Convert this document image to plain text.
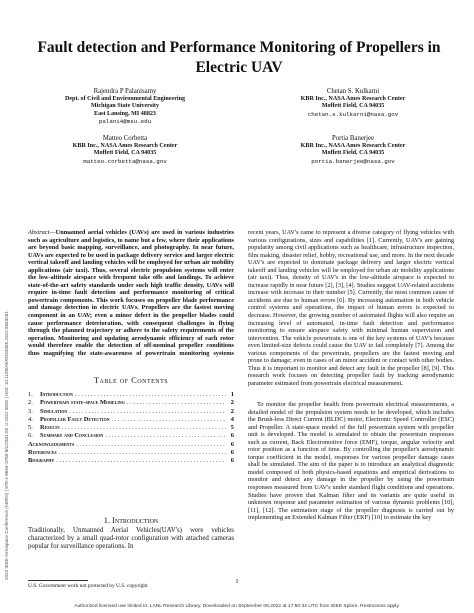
2022 IEEE Aerospace Conference (AERO) | 978-1-6654-3760-8/22/$31.00 ©2022 IEEE | DOI: 10.1109/AERO53065.2022.9843261
Fault detection and Performance Monitoring of Propellers in Electric UAV
Rajendra P Palanisamy
Dept. of Civil and Environmental Engineering
Michigan State University
East Lansing, MI 48823
palani4@msu.edu
Chetan S. Kulkarni
KBR Inc., NASA Ames Research Center
Moffett Field, CA 94035
chetan.s.kulkarni@nasa.gov
Matteo Corbetta
KBR Inc., NASA Ames Research Center
Moffett Field, CA 94035
matteo.corbetta@nasa.gov
Portia Banerjee
KBR Inc., NASA Ames Research Center
Moffett Field, CA 94035
portia.banerjee@nasa.gov
Abstract—Unmanned aerial vehicles (UAVs) are used in various industries such as agriculture and logistics, to name but a few, where their applications are beyond basic mapping, surveillance, and photography. In near future, UAVs are expected to be used in package delivery service and larger electric vertical takeoff and landing vehicles will be employed for urban air mobility applications (air taxi). Thus, several electric propulsion systems will enter the low-altitude airspace with frequent take offs and landings. To achieve state-of-the-art safety standards under such high traffic density, UAVs will require in-time fault detection and performance monitoring of critical powertrain components. This work focuses on propeller blade performance and damage detection in electric UAVs. Propellers are the fastest moving component in an UAV; even a minor defect in the propeller blades could cause performance deterioration, with consequent challenges in flying through the planned trajectory or adhere to the safety requirements of the operation. Monitoring and updating aerodynamic efficiency of each rotor would therefore enable the detection of off-nominal propeller conditions thus magnifying the state-awareness of powertrain monitoring systems
Table of Contents
1.	Introduction . . .	1
2.	Powertrain state-space Modeling . . .	2
3.	Simulation . . .	2
4.	Propeller Fault Detection . . .	4
5.	Results . . .	5
6.	Summary and Conclusion . . .	6
Acknowledgments . . .	6
References . . .	6
Biography . . .	6
1. Introduction
Traditionally, Unmanned Aerial Vehicles(UAV's) were vehicles characterized by a small quad-rotor configuration with attached cameras popular for surveillance operations. In
U.S. Government work not protected by U.S. copyright
recent years, UAV's came to represent a diverse category of flying vehicles with various configurations, sizes and capabilities [1]. Currently, UAV's are gaining popularity among civil applications such as healthcare, infrastructure inspection, film making, disaster relief, hobby, recreational use, and more. In the next decade UAV's are expected to dominate package delivery and larger electric vertical takeoff and landing vehicles will be employed for urban air mobility applications (air taxi). Thus, density of UAV's in the low-altitude airspace is expected to increase rapidly in near future [2], [3], [4]. Studies suggest UAV-related accidents increase with increase in their number [5]. Currently, the most common cause of accidents are due to human errors [6]. By increasing automation in both vehicle control systems and operations, the impact of human errors is expected to decrease. However, the growing number of automated flights will also require an increasing level of automated, in-time fault detection and performance monitoring to ensure airspace safety with minimal human supervision and intervention. The vehicle powertrain is one of the key systems of UAV's because even limited-size defects could cause the UAV to fail completely [7]. Among the various components of the powertrain, propellers are the fastest moving and prone to damage; even in cases of an minor accident or contact with other bodies. Thus it is important to monitor and detect any fault in the propeller [8], [9]. This research work focuses on detecting propeller fault by tracking aerodynamic parameter estimated from powertrain electrical measurement.

To monitor the propeller health from powertrain electrical measurements, a detailed model of the propulsion system needs to be developed, which includes the Brush-less Direct Current (BLDC) motor, Electronic Speed Controller (ESC) and Propeller. A state-space model of the full powertrain system with propeller unit is developed. The model is simulated to obtain the powertrain responses such as current, Back Electromotive force (EMF), torque, angular velocity and rotor position as a function of time. By controlling the propeller's aerodynamic torque coefficient in the model, responses for various propeller damage cases shall be simulated. The aim of the paper is to introduce an analytical diagnostic model composed of both physics-based equations and empirical derivations to monitor and detect any damage in the propeller by using the powertrain responses measured from UAV's under standard flight conditions and operations. Studies have proven that Kalman filter and its variants are quite useful in unknown response and parameter estimation of various dynamic problems [10], [11], [12]. The estimation stage of the propeller diagnosis is carried out by implementing an Extended Kalman Filter (EKF) [10] to estimate the key

1
Authorized licensed use limited to: LANL Research Library. Downloaded on September 08,2022 at 17:50:32 UTC from IEEE Xplore. Restrictions apply.
